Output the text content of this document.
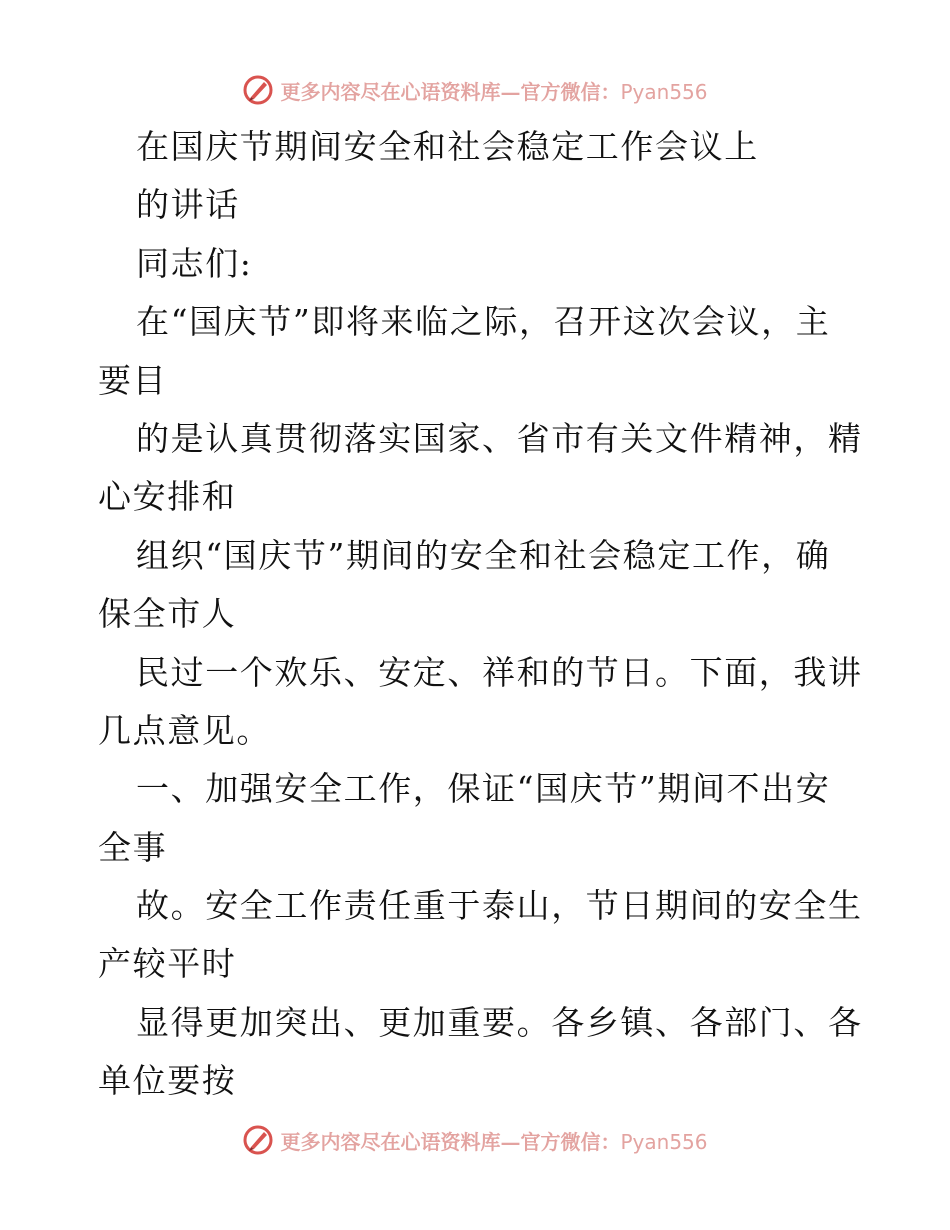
更多内容尽在心语资料库—官方微信：Pyan556
在国庆节期间安全和社会稳定工作会议上
的讲话
同志们:
在“国庆节”即将来临之际，召开这次会议，主
要目
的是认真贯彻落实国家、省市有关文件精神，精
心安排和
组织“国庆节”期间的安全和社会稳定工作，确
保全市人
民过一个欢乐、安定、祥和的节日。下面，我讲
几点意见。
一、加强安全工作，保证“国庆节”期间不出安
全事
故。安全工作责任重于泰山，节日期间的安全生
产较平时
显得更加突出、更加重要。各乡镇、各部门、各
单位要按
更多内容尽在心语资料库—官方微信：Pyan556
